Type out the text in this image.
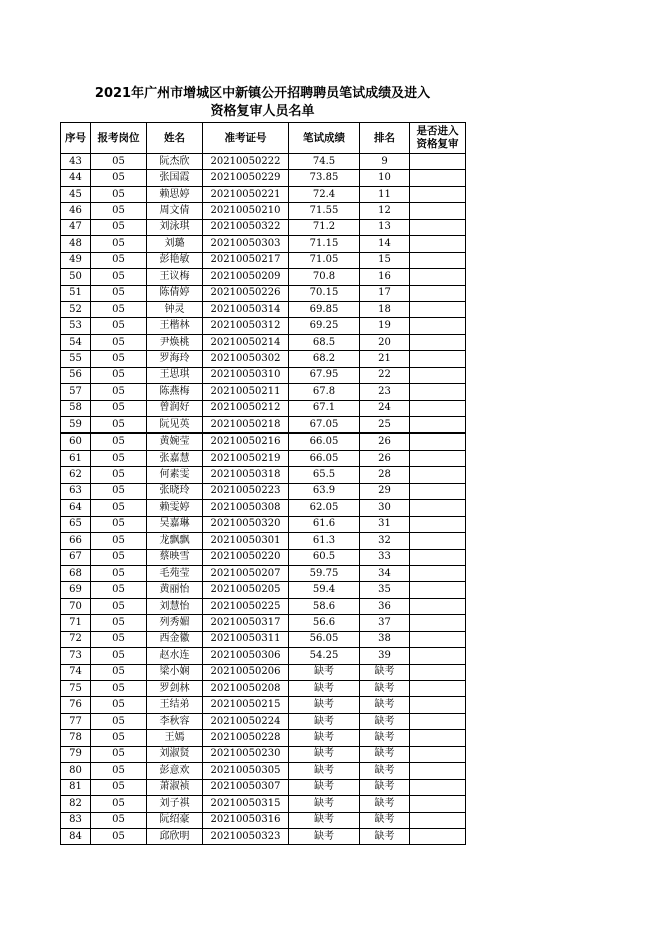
2021年广州市增城区中新镇公开招聘聘员笔试成绩及进入
资格复审人员名单
序号	报考岗位	姓名	准考证号	笔试成绩	排名	是否进入
资格复审
43	05	阮杰欣	20210050222	74.5	9	
44	05	张国霞	20210050229	73.85	10	
45	05	赖思婷	20210050221	72.4	11	
46	05	周文倩	20210050210	71.55	12	
47	05	刘泳琪	20210050322	71.2	13	
48	05	刘璐	20210050303	71.15	14	
49	05	彭艳敏	20210050217	71.05	15	
50	05	王议梅	20210050209	70.8	16	
51	05	陈倩婷	20210050226	70.15	17	
52	05	钟灵	20210050314	69.85	18	
53	05	王楷林	20210050312	69.25	19	
54	05	尹焕桃	20210050214	68.5	20	
55	05	罗海玲	20210050302	68.2	21	
56	05	王思琪	20210050310	67.95	22	
57	05	陈燕梅	20210050211	67.8	23	
58	05	曾润好	20210050212	67.1	24	
59	05	阮见英	20210050218	67.05	25	
60	05	黄婉莹	20210050216	66.05	26	
61	05	张嘉慧	20210050219	66.05	26	
62	05	何素雯	20210050318	65.5	28	
63	05	张晓玲	20210050223	63.9	29	
64	05	赖雯婷	20210050308	62.05	30	
65	05	吴嘉琳	20210050320	61.6	31	
66	05	龙飘飘	20210050301	61.3	32	
67	05	蔡映雪	20210050220	60.5	33	
68	05	毛苑莹	20210050207	59.75	34	
69	05	黄丽怡	20210050205	59.4	35	
70	05	刘慧怡	20210050225	58.6	36	
71	05	列秀媚	20210050317	56.6	37	
72	05	西金徽	20210050311	56.05	38	
73	05	赵水连	20210050306	54.25	39	
74	05	梁小娴	20210050206	缺考	缺考	
75	05	罗剑林	20210050208	缺考	缺考	
76	05	王结弟	20210050215	缺考	缺考	
77	05	李秋容	20210050224	缺考	缺考	
78	05	王嫣	20210050228	缺考	缺考	
79	05	刘淑贤	20210050230	缺考	缺考	
80	05	彭意欢	20210050305	缺考	缺考	
81	05	萧淑祯	20210050307	缺考	缺考	
82	05	刘子祺	20210050315	缺考	缺考	
83	05	阮绍豪	20210050316	缺考	缺考	
84	05	邱欣明	20210050323	缺考	缺考	
